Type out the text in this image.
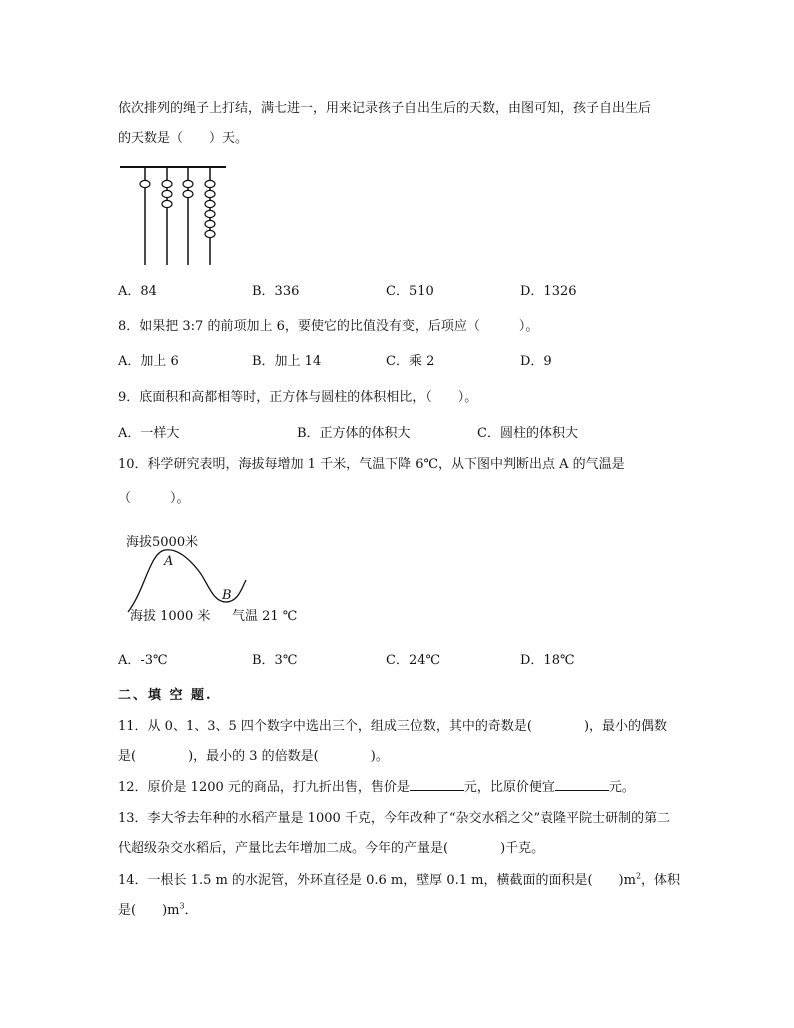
依次排列的绳子上打结，满七进一，用来记录孩子自出生后的天数，由图可知，孩子自出生后
的天数是（　　）天。
A．84	B．336	C．510	D．1326
8．如果把 3:7 的前项加上 6，要使它的比值没有变，后项应（　　　）。
A．加上 6	B．加上 14	C．乘 2	D．9
9．底面积和高都相等时，正方体与圆柱的体积相比，（　　）。
A．一样大	B．正方体的体积大	C．圆柱的体积大
10．科学研究表明，海拔每增加 1 千米，气温下降 6℃，从下图中判断出点 A 的气温是
（　　　）。
海拔5000米
A
B
海拔 1000 米 气温 21 ℃
A．-3℃	B．3℃	C．24℃	D．18℃
二、填 空 题.
11．从 0、1、3、5 四个数字中选出三个，组成三位数，其中的奇数是(　　　　)，最小的偶数
是(　　　　)，最小的 3 的倍数是(　　　　)。
12．原价是 1200 元的商品，打九折出售，售价是	元，比原价便宜	元。
13．李大爷去年种的水稻产量是 1000 千克，今年改种了“杂交水稻之父”袁隆平院士研制的第二
代超级杂交水稻后，产量比去年增加二成。今年的产量是(　　　　)千克。
14．一根长 1.5 m 的水泥管，外环直径是 0.6 m，壁厚 0.1 m，横截面的面积是(　　)$m^2$，体积
是(　　)$m^3$．
